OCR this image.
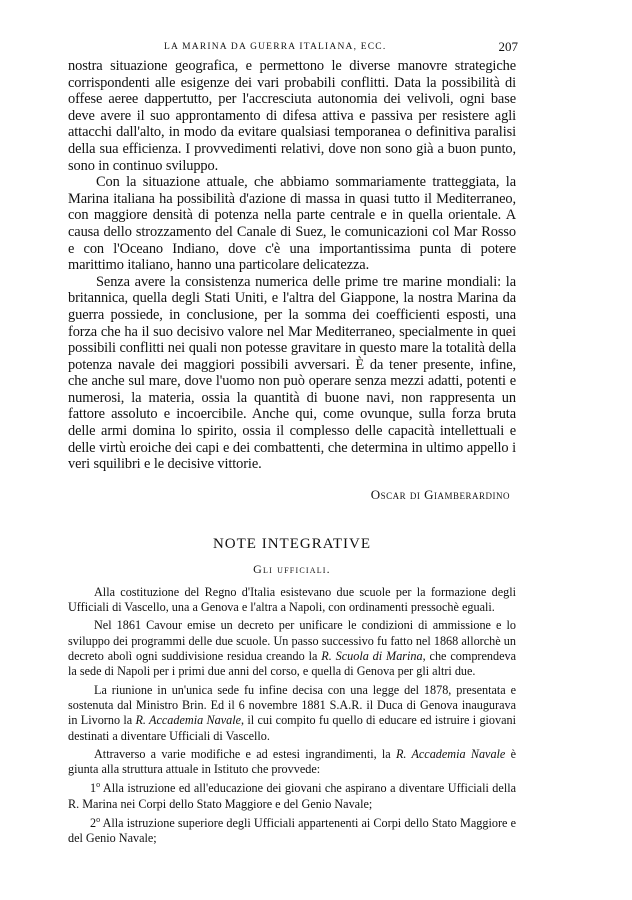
LA MARINA DA GUERRA ITALIANA, ECC.	207

nostra situazione geografica, e permettono le diverse manovre strategiche corrispondenti alle esigenze dei vari probabili conflitti. Data la possibilità di offese aeree dappertutto, per l'accresciuta autonomia dei velivoli, ogni base deve avere il suo approntamento di difesa attiva e passiva per resistere agli attacchi dall'alto, in modo da evitare qualsiasi temporanea o definitiva paralisi della sua efficienza. I provvedimenti relativi, dove non sono già a buon punto, sono in continuo sviluppo.

Con la situazione attuale, che abbiamo sommariamente tratteggiata, la Marina italiana ha possibilità d'azione di massa in quasi tutto il Mediterraneo, con maggiore densità di potenza nella parte centrale e in quella orientale. A causa dello strozzamento del Canale di Suez, le comunicazioni col Mar Rosso e con l'Oceano Indiano, dove c'è una importantissima punta di potere marittimo italiano, hanno una particolare delicatezza.

Senza avere la consistenza numerica delle prime tre marine mondiali: la britannica, quella degli Stati Uniti, e l'altra del Giappone, la nostra Marina da guerra possiede, in conclusione, per la somma dei coefficienti esposti, una forza che ha il suo decisivo valore nel Mar Mediterraneo, specialmente in quei possibili conflitti nei quali non potesse gravitare in questo mare la totalità della potenza navale dei maggiori possibili avversari. È da tener presente, infine, che anche sul mare, dove l'uomo non può operare senza mezzi adatti, potenti e numerosi, la materia, ossia la quantità di buone navi, non rappresenta un fattore assoluto e incoercibile. Anche qui, come ovunque, sulla forza bruta delle armi domina lo spirito, ossia il complesso delle capacità intellettuali e delle virtù eroiche dei capi e dei combattenti, che determina in ultimo appello i veri squilibri e le decisive vittorie.

Oscar di Giamberardino
NOTE INTEGRATIVE
Gli ufficiali.

Alla costituzione del Regno d'Italia esistevano due scuole per la formazione degli Ufficiali di Vascello, una a Genova e l'altra a Napoli, con ordinamenti pressochè eguali.

Nel 1861 Cavour emise un decreto per unificare le condizioni di ammissione e lo sviluppo dei programmi delle due scuole. Un passo successivo fu fatto nel 1868 allorchè un decreto abolì ogni suddivisione residua creando la R. Scuola di Marina, che comprendeva la sede di Napoli per i primi due anni del corso, e quella di Genova per gli altri due.

La riunione in un'unica sede fu infine decisa con una legge del 1878, presentata e sostenuta dal Ministro Brin. Ed il 6 novembre 1881 S.A.R. il Duca di Genova inaugurava in Livorno la R. Accademia Navale, il cui compito fu quello di educare ed istruire i giovani destinati a diventare Ufficiali di Vascello.

Attraverso a varie modifiche e ad estesi ingrandimenti, la R. Accademia Navale è giunta alla struttura attuale in Istituto che provvede:

1$^o$ Alla istruzione ed all'educazione dei giovani che aspirano a diventare Ufficiali della R. Marina nei Corpi dello Stato Maggiore e del Genio Navale;

2$^o$ Alla istruzione superiore degli Ufficiali appartenenti ai Corpi dello Stato Maggiore e del Genio Navale;
